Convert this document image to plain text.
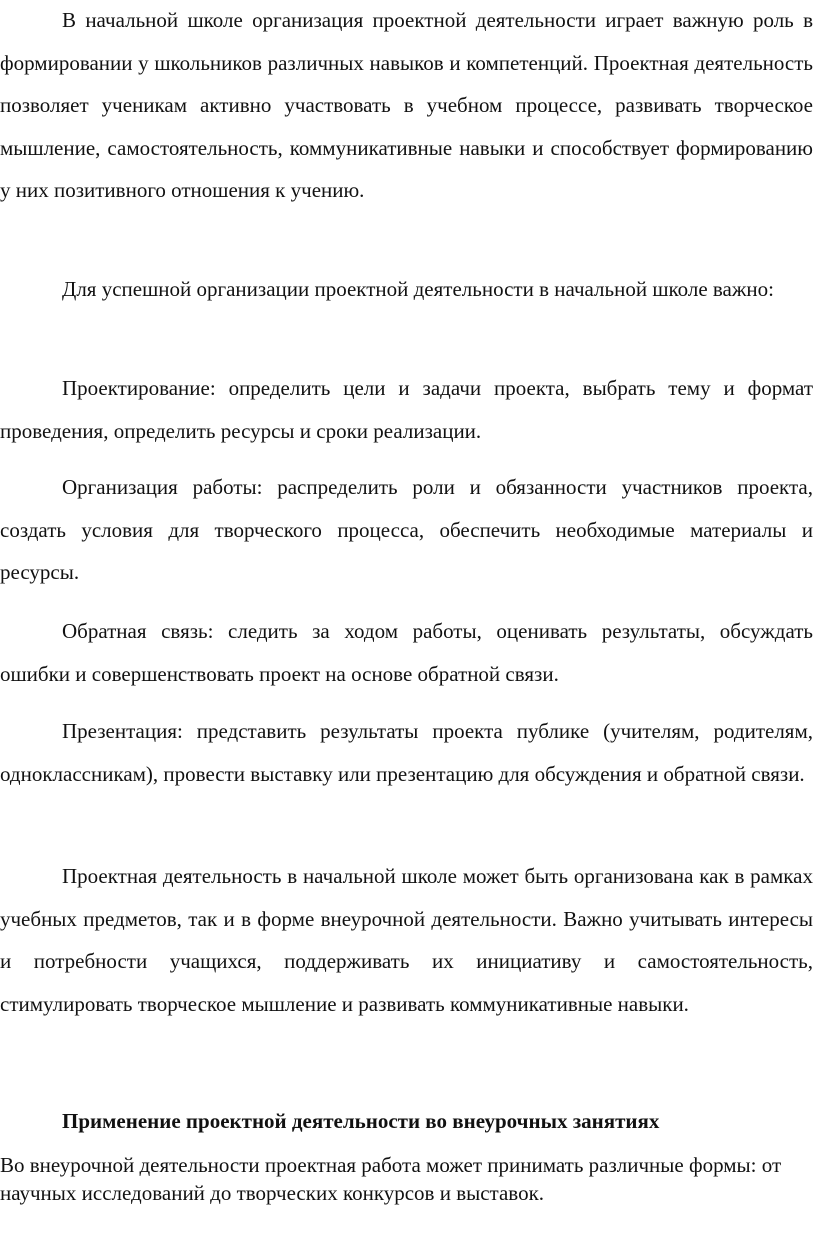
В начальной школе организация проектной деятельности играет важную роль в формировании у школьников различных навыков и компетенций. Проектная деятельность позволяет ученикам активно участвовать в учебном процессе, развивать творческое мышление, самостоятельность, коммуникативные навыки и способствует формированию у них позитивного отношения к учению.

Для успешной организации проектной деятельности в начальной школе важно:

Проектирование: определить цели и задачи проекта, выбрать тему и формат проведения, определить ресурсы и сроки реализации.

Организация работы: распределить роли и обязанности участников проекта, создать условия для творческого процесса, обеспечить необходимые материалы и ресурсы.

Обратная связь: следить за ходом работы, оценивать результаты, обсуждать ошибки и совершенствовать проект на основе обратной связи.

Презентация: представить результаты проекта публике (учителям, родителям, одноклассникам), провести выставку или презентацию для обсуждения и обратной связи.

Проектная деятельность в начальной школе может быть организована как в рамках учебных предметов, так и в форме внеурочной деятельности. Важно учитывать интересы и потребности учащихся, поддерживать их инициативу и самостоятельность, стимулировать творческое мышление и развивать коммуникативные навыки.

Применение проектной деятельности во внеурочных занятиях

Во внеурочной деятельности проектная работа может принимать различные формы: от научных исследований до творческих конкурсов и выставок.
